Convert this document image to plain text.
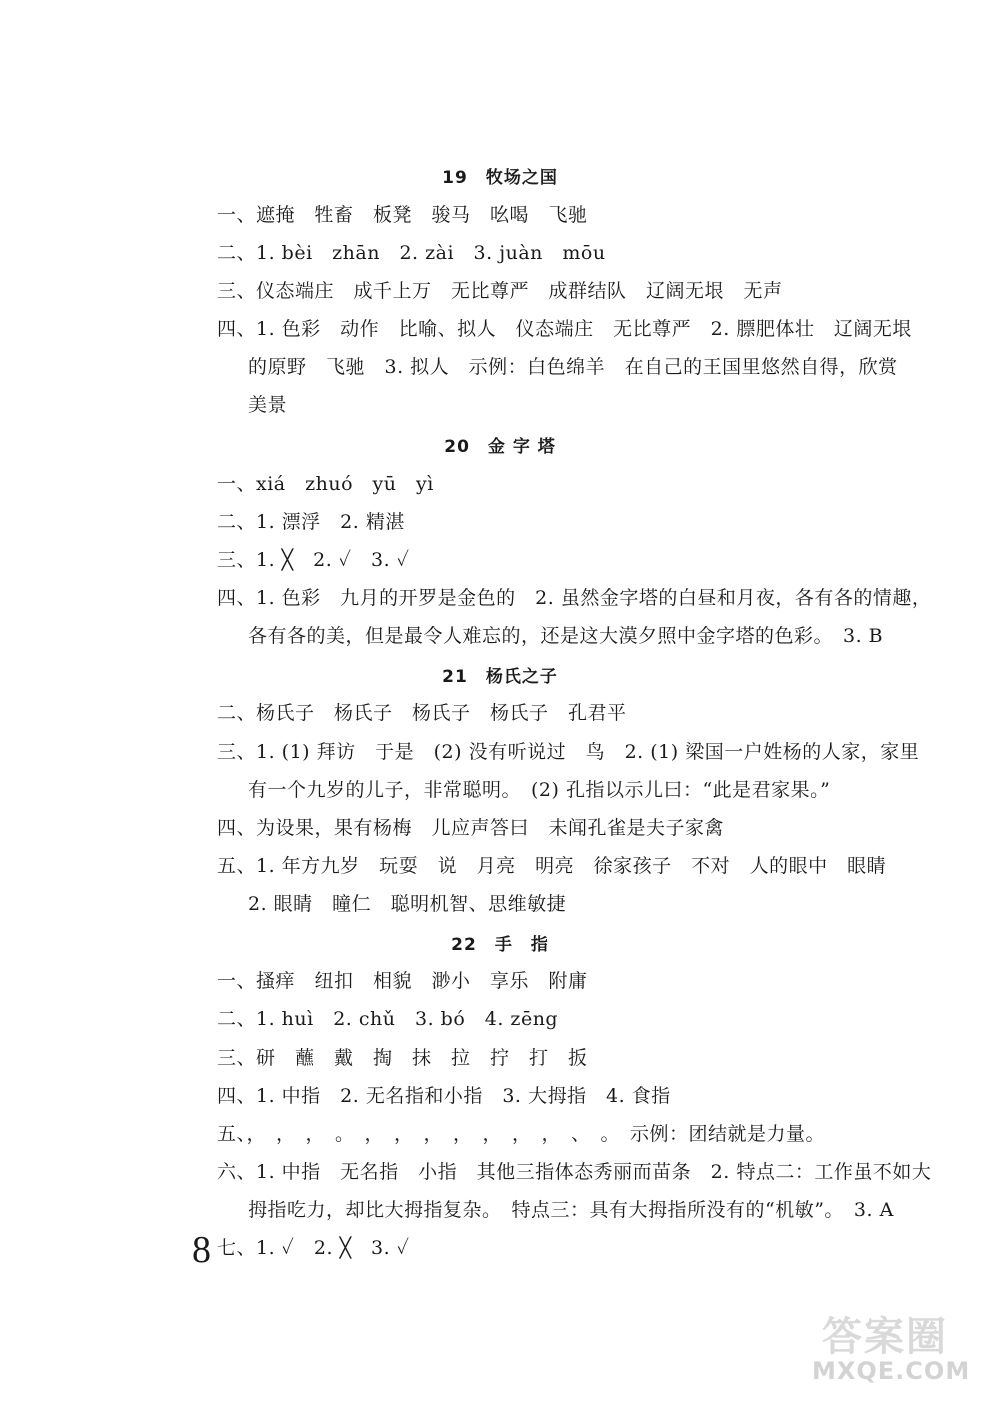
19　牧场之国
一、遮掩　牲畜　板凳　骏马　吆喝　飞驰
二、1. bèi　zhān　2. zài　3. juàn　mōu
三、仪态端庄　成千上万　无比尊严　成群结队　辽阔无垠　无声
四、1. 色彩　动作　比喻、拟人　仪态端庄　无比尊严　2. 膘肥体壮　辽阔无垠
的原野　飞驰　3. 拟人　示例：白色绵羊　在自己的王国里悠然自得，欣赏
美景
20　金 字 塔
一、xiá　zhuó　yū　yì
二、1. 漂浮　2. 精湛
三、1. ╳　2. ✓　3. ✓
四、1. 色彩　九月的开罗是金色的　2. 虽然金字塔的白昼和月夜，各有各的情趣，
各有各的美，但是最令人难忘的，还是这大漠夕照中金字塔的色彩。　3. B
21　杨氏之子
二、杨氏子　杨氏子　杨氏子　杨氏子　孔君平
三、1. (1) 拜访　于是　(2) 没有听说过　鸟　2. (1) 梁国一户姓杨的人家，家里
有一个九岁的儿子，非常聪明。　(2) 孔指以示儿曰：“此是君家果。”
四、为设果，果有杨梅　儿应声答曰　未闻孔雀是夫子家禽
五、1. 年方九岁　玩耍　说　月亮　明亮　徐家孩子　不对　人的眼中　眼睛
2. 眼睛　瞳仁　聪明机智、思维敏捷
22　手　指
一、搔痒　纽扣　相貌　渺小　享乐　附庸
二、1. huì　2. chǔ　3. bó　4. zēng
三、研　蘸　戴　掏　抹　拉　拧　打　扳
四、1. 中指　2. 无名指和小指　3. 大拇指　4. 食指
五、，　，　，　。　，　，　，　，　，　，　，　、　。　示例：团结就是力量。
六、1. 中指　无名指　小指　其他三指体态秀丽而苗条　2. 特点二：工作虽不如大
拇指吃力，却比大拇指复杂。　特点三：具有大拇指所没有的“机敏”。　3. A
七、1. ✓　2. ╳　3. ✓
8
答案圈
MXQE.COM
